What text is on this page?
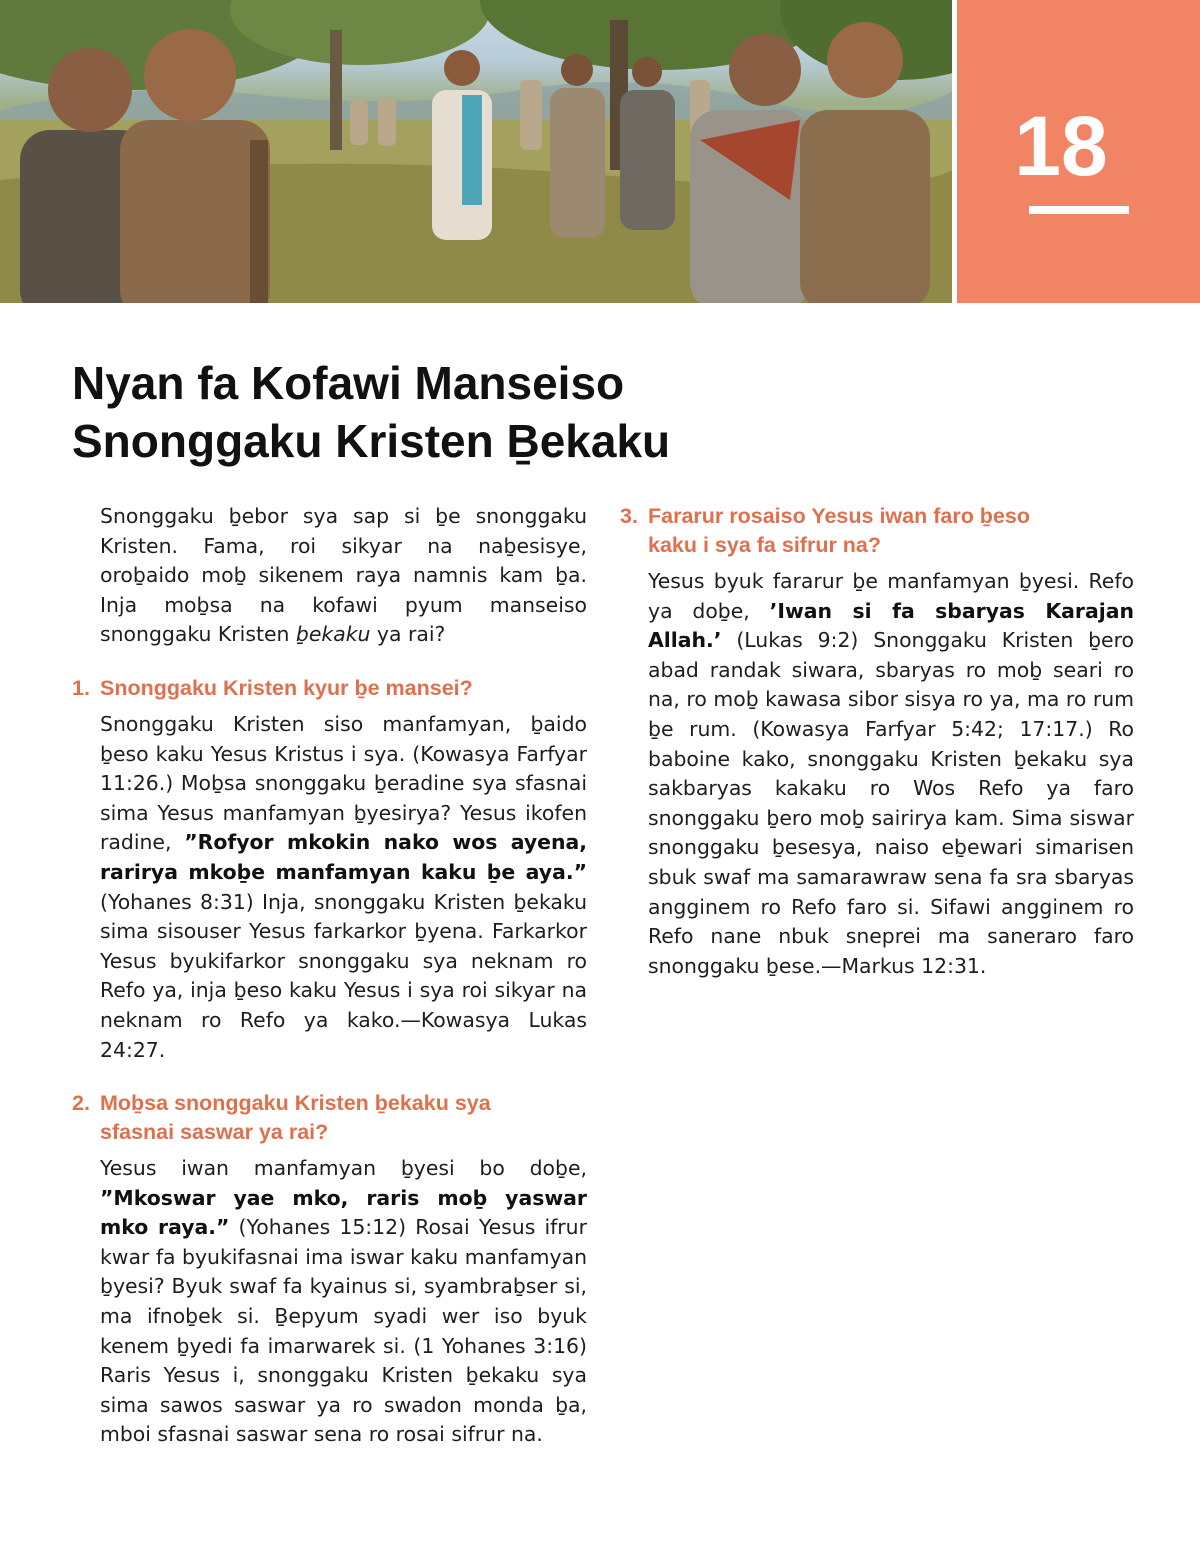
18
Nyan fa Kofawi Manseiso
Snonggaku Kristen Ḇekaku

Snonggaku ḇebor sya sap si ḇe snonggaku Kristen. Fama, roi sikyar na naḇesisye, oroḇaido moḇ sikenem raya namnis kam ḇa. Inja moḇsa na kofawi pyum manseiso snonggaku Kristen ḇekaku ya rai?

1. Snonggaku Kristen kyur ḇe mansei?

Snonggaku Kristen siso manfamyan, ḇaido ḇeso kaku Yesus Kristus i sya. (Kowasya Farfyar 11:26.) Moḇsa snonggaku ḇeradine sya sfasnai sima Yesus manfamyan ḇyesirya? Yesus ikofen radine, ”Rofyor mkokin nako wos ayena, rarirya mkoḇe manfamyan kaku ḇe aya.” (Yohanes 8:31) Inja, snonggaku Kristen ḇekaku sima sisouser Yesus farkarkor ḇyena. Farkarkor Yesus byukifarkor snonggaku sya neknam ro Refo ya, inja ḇeso kaku Yesus i sya roi sikyar na neknam ro Refo ya kako.—Kowasya Lukas 24:27.

2. Moḇsa snonggaku Kristen ḇekaku sya sfasnai saswar ya rai?

Yesus iwan manfamyan ḇyesi bo doḇe, ”Mkoswar yae mko, raris moḇ yaswar mko raya.” (Yohanes 15:12) Rosai Yesus ifrur kwar fa byukifasnai ima iswar kaku manfamyan ḇyesi? Byuk swaf fa kyainus si, syambraḇser si, ma ifnoḇek si. Ḇepyum syadi wer iso byuk kenem ḇyedi fa imarwarek si. (1 Yohanes 3:16) Raris Yesus i, snonggaku Kristen ḇekaku sya sima sawos saswar ya ro swadon monda ḇa, mboi sfasnai saswar sena ro rosai sifrur na.

3. Fararur rosaiso Yesus iwan faro ḇeso kaku i sya fa sifrur na?

Yesus byuk fararur ḇe manfamyan ḇyesi. Refo ya doḇe, ’Iwan si fa sbaryas Karajan Allah.’ (Lukas 9:2) Snonggaku Kristen ḇero abad randak siwara, sbaryas ro moḇ seari ro na, ro moḇ kawasa sibor sisya ro ya, ma ro rum ḇe rum. (Kowasya Farfyar 5:42; 17:17.) Ro baboine kako, snonggaku Kristen ḇekaku sya sakbaryas kakaku ro Wos Refo ya faro snonggaku ḇero moḇ sairirya kam. Sima siswar snonggaku ḇesesya, naiso eḇewari simarisen sbuk swaf ma samarawraw sena fa sra sbaryas angginem ro Refo faro si. Sifawi angginem ro Refo nane nbuk sneprei ma saneraro faro snonggaku ḇese.—Markus 12:31.
